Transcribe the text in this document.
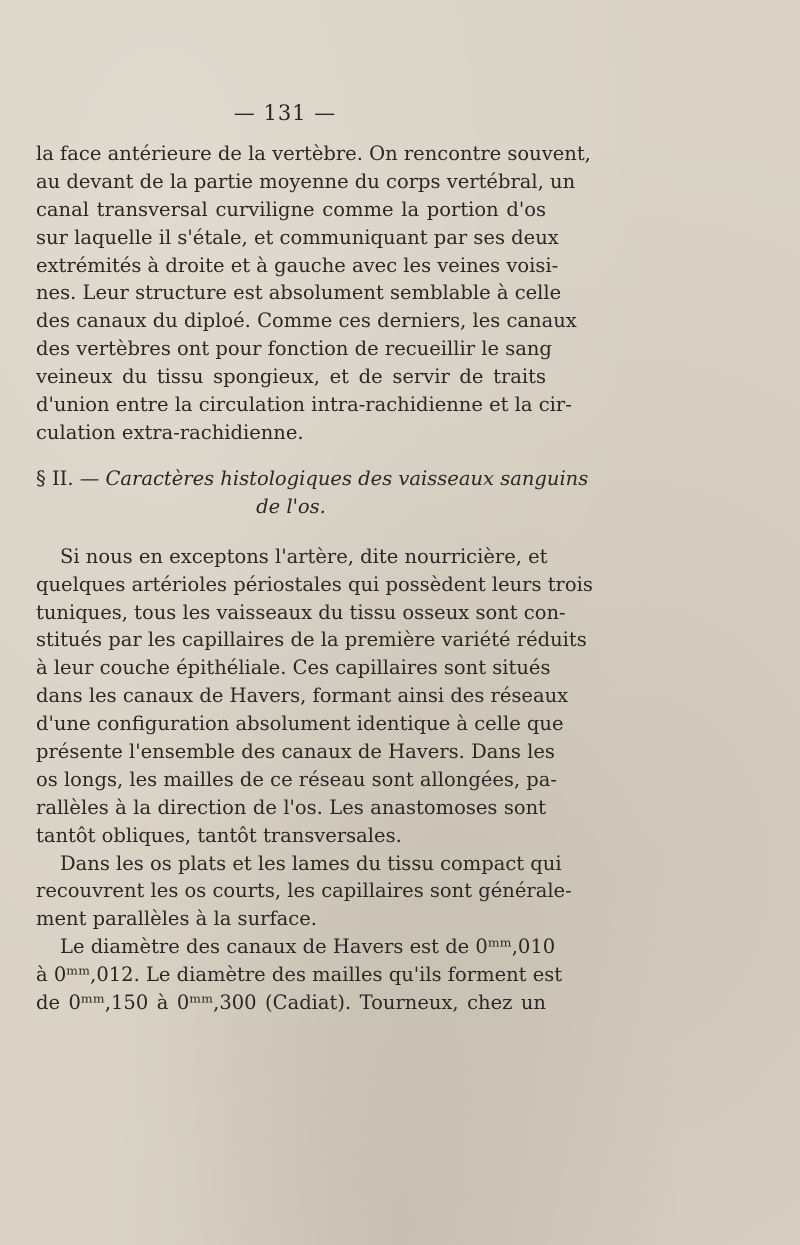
— 131 —
la face antérieure de la vertèbre. On rencontre souvent,
au devant de la partie moyenne du corps vertébral, un
canal transversal curviligne comme la portion d'os
sur laquelle il s'étale, et communiquant par ses deux
extrémités à droite et à gauche avec les veines voisi-
nes. Leur structure est absolument semblable à celle
des canaux du diploé. Comme ces derniers, les canaux
des vertèbres ont pour fonction de recueillir le sang
veineux du tissu spongieux, et de servir de traits
d'union entre la circulation intra-rachidienne et la cir-
culation extra-rachidienne.
§ II. — Caractères histologiques des vaisseaux sanguins
de l'os.
Si nous en exceptons l'artère, dite nourricière, et
quelques artérioles périostales qui possèdent leurs trois
tuniques, tous les vaisseaux du tissu osseux sont con-
stitués par les capillaires de la première variété réduits
à leur couche épithéliale. Ces capillaires sont situés
dans les canaux de Havers, formant ainsi des réseaux
d'une configuration absolument identique à celle que
présente l'ensemble des canaux de Havers. Dans les
os longs, les mailles de ce réseau sont allongées, pa-
rallèles à la direction de l'os. Les anastomoses sont
tantôt obliques, tantôt transversales.
Dans les os plats et les lames du tissu compact qui
recouvrent les os courts, les capillaires sont générale-
ment parallèles à la surface.
Le diamètre des canaux de Havers est de 0ᵐᵐ,010
à 0ᵐᵐ,012. Le diamètre des mailles qu'ils forment est
de 0ᵐᵐ,150 à 0ᵐᵐ,300 (Cadiat). Tourneux, chez un
